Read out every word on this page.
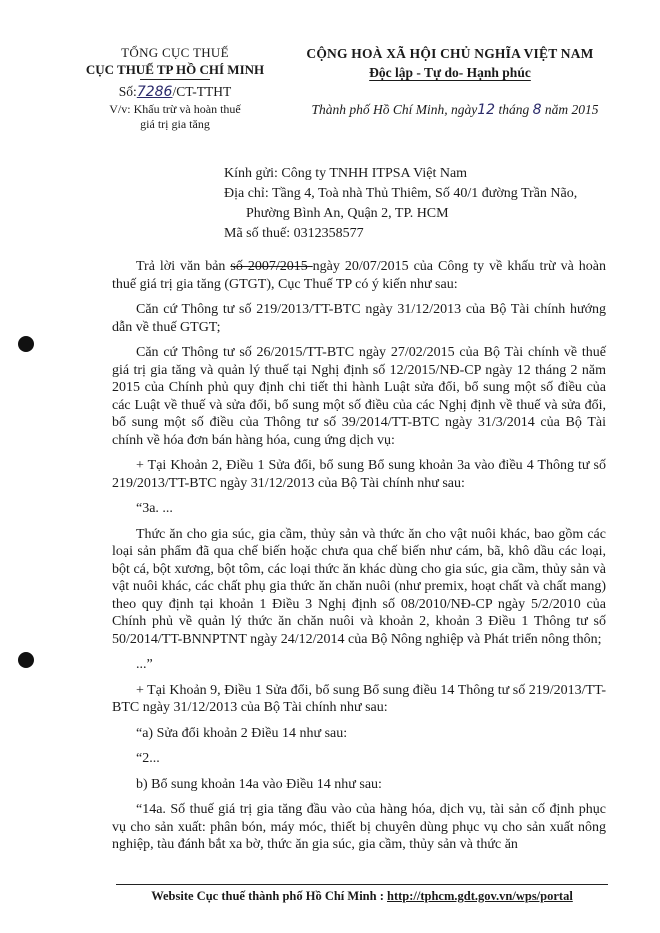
TỔNG CỤC THUẾ
CỤC THUẾ TP HỒ CHÍ MINH
Số:7286/CT-TTHT
V/v: Khấu trừ và hoàn thuế
giá trị gia tăng
CỘNG HOÀ XÃ HỘI CHỦ NGHĨA VIỆT NAM
Độc lập - Tự do- Hạnh phúc
Thành phố Hồ Chí Minh, ngày12 tháng 8 năm 2015
Kính gửi: Công ty TNHH ITPSA Việt Nam
Địa chỉ: Tầng 4, Toà nhà Thủ Thiêm, Số 40/1 đường Trần Não,
Phường Bình An, Quận 2, TP. HCM
Mã số thuế: 0312358577

Trả lời văn bản số 2007/2015 ngày 20/07/2015 của Công ty về khấu trừ và hoàn thuế giá trị gia tăng (GTGT), Cục Thuế TP có ý kiến như sau:

Căn cứ Thông tư số 219/2013/TT-BTC ngày 31/12/2013 của Bộ Tài chính hướng dẫn về thuế GTGT;

Căn cứ Thông tư số 26/2015/TT-BTC ngày 27/02/2015 của Bộ Tài chính về thuế giá trị gia tăng và quản lý thuế tại Nghị định số 12/2015/NĐ-CP ngày 12 tháng 2 năm 2015 của Chính phủ quy định chi tiết thi hành Luật sửa đổi, bổ sung một số điều của các Luật về thuế và sửa đổi, bổ sung một số điều của các Nghị định về thuế và sửa đổi, bổ sung một số điều của Thông tư số 39/2014/TT-BTC ngày 31/3/2014 của Bộ Tài chính về hóa đơn bán hàng hóa, cung ứng dịch vụ:

+ Tại Khoản 2, Điều 1 Sửa đổi, bổ sung Bổ sung khoản 3a vào điều 4 Thông tư số 219/2013/TT-BTC ngày 31/12/2013 của Bộ Tài chính như sau:

“3a. ...

Thức ăn cho gia súc, gia cầm, thủy sản và thức ăn cho vật nuôi khác, bao gồm các loại sản phẩm đã qua chế biến hoặc chưa qua chế biến như cám, bã, khô dầu các loại, bột cá, bột xương, bột tôm, các loại thức ăn khác dùng cho gia súc, gia cầm, thủy sản và vật nuôi khác, các chất phụ gia thức ăn chăn nuôi (như premix, hoạt chất và chất mang) theo quy định tại khoản 1 Điều 3 Nghị định số 08/2010/NĐ-CP ngày 5/2/2010 của Chính phủ về quản lý thức ăn chăn nuôi và khoản 2, khoản 3 Điều 1 Thông tư số 50/2014/TT-BNNPTNT ngày 24/12/2014 của Bộ Nông nghiệp và Phát triển nông thôn;

...”

+ Tại Khoản 9, Điều 1 Sửa đổi, bổ sung Bổ sung điều 14 Thông tư số 219/2013/TT-BTC ngày 31/12/2013 của Bộ Tài chính như sau:

“a) Sửa đổi khoản 2 Điều 14 như sau:

“2...

b) Bổ sung khoản 14a vào Điều 14 như sau:

“14a. Số thuế giá trị gia tăng đầu vào của hàng hóa, dịch vụ, tài sản cố định phục vụ cho sản xuất: phân bón, máy móc, thiết bị chuyên dùng phục vụ cho sản xuất nông nghiệp, tàu đánh bắt xa bờ, thức ăn gia súc, gia cầm, thủy sản và thức ăn

Website Cục thuế thành phố Hồ Chí Minh : http://tphcm.gdt.gov.vn/wps/portal
